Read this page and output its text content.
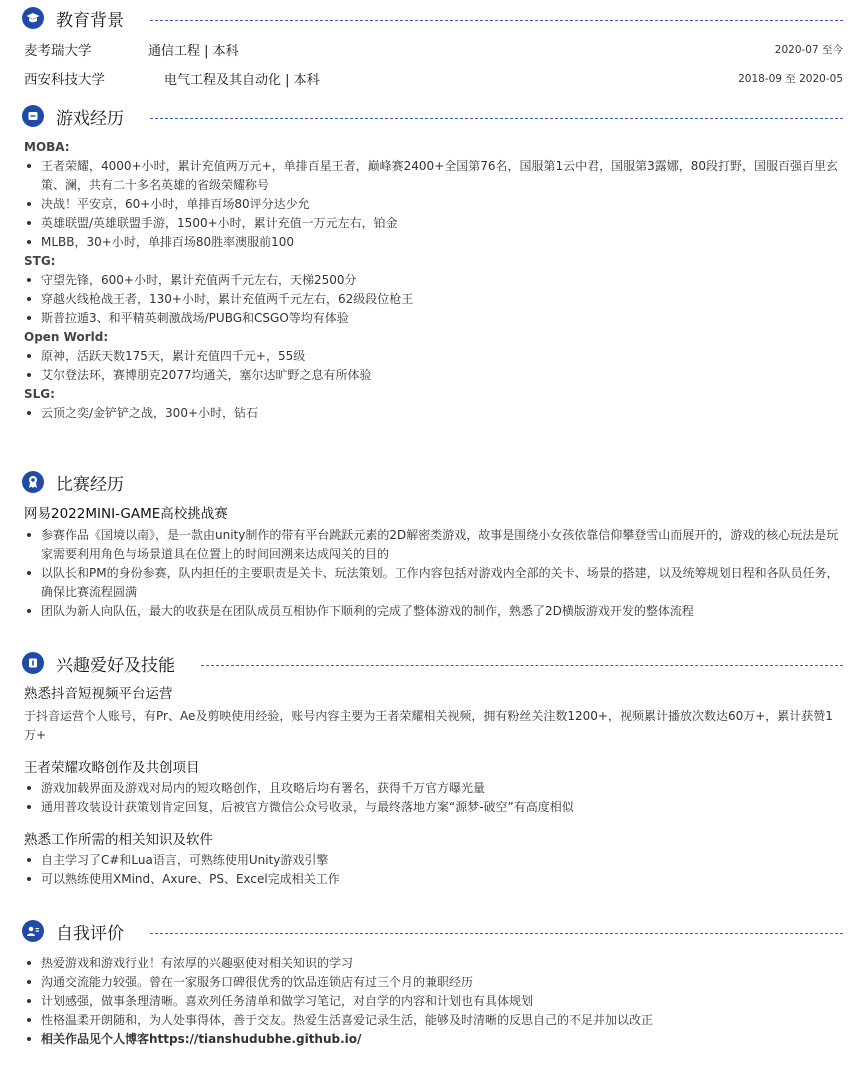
教育背景
麦考瑞大学	通信工程 | 本科	2020-07 至今
西安科技大学	电气工程及其自动化 | 本科	2018-09 至 2020-05
游戏经历
MOBA:
王者荣耀，4000+小时，累计充值两万元+，单排百星王者，巅峰赛2400+全国第76名，国服第1云中君，国服第3露娜，80段打野，国服百强百里玄策、澜，共有二十多名英雄的省级荣耀称号
决战！平安京，60+小时，单排百场80评分达少允
英雄联盟/英雄联盟手游，1500+小时，累计充值一万元左右，铂金
MLBB，30+小时，单排百场80胜率澳服前100
STG:
守望先锋，600+小时，累计充值两千元左右，天梯2500分
穿越火线枪战王者，130+小时，累计充值两千元左右，62级段位枪王
斯普拉遁3、和平精英刺激战场/PUBG和CSGO等均有体验
Open World:
原神，活跃天数175天，累计充值四千元+，55级
艾尔登法环，赛博朋克2077均通关，塞尔达旷野之息有所体验
SLG:
云顶之奕/金铲铲之战，300+小时，钻石
比赛经历
网易2022MINI-GAME高校挑战赛
参赛作品《国境以南》，是一款由unity制作的带有平台跳跃元素的2D解密类游戏，故事是围绕小女孩依靠信仰攀登雪山而展开的，游戏的核心玩法是玩家需要利用角色与场景道具在位置上的时间回溯来达成闯关的目的
以队长和PM的身份参赛，队内担任的主要职责是关卡、玩法策划。工作内容包括对游戏内全部的关卡、场景的搭建，以及统筹规划日程和各队员任务，确保比赛流程圆满
团队为新人向队伍，最大的收获是在团队成员互相协作下顺利的完成了整体游戏的制作，熟悉了2D横版游戏开发的整体流程
兴趣爱好及技能
熟悉抖音短视频平台运营
于抖音运营个人账号，有Pr、Ae及剪映使用经验，账号内容主要为王者荣耀相关视频，拥有粉丝关注数1200+，视频累计播放次数达60万+，累计获赞1万+
王者荣耀攻略创作及共创项目
游戏加载界面及游戏对局内的短攻略创作，且攻略后均有署名，获得千万官方曝光量
通用普攻装设计获策划肯定回复，后被官方微信公众号收录，与最终落地方案“源梦-破空”有高度相似
熟悉工作所需的相关知识及软件
自主学习了C#和Lua语言，可熟练使用Unity游戏引擎
可以熟练使用XMind、Axure、PS、Excel完成相关工作
自我评价
热爱游戏和游戏行业！有浓厚的兴趣驱使对相关知识的学习
沟通交流能力较强。曾在一家服务口碑很优秀的饮品连锁店有过三个月的兼职经历
计划感强，做事条理清晰。喜欢列任务清单和做学习笔记，对自学的内容和计划也有具体规划
性格温柔开朗随和，为人处事得体，善于交友。热爱生活喜爱记录生活，能够及时清晰的反思自己的不足并加以改正
相关作品见个人博客https://tianshudubhe.github.io/
